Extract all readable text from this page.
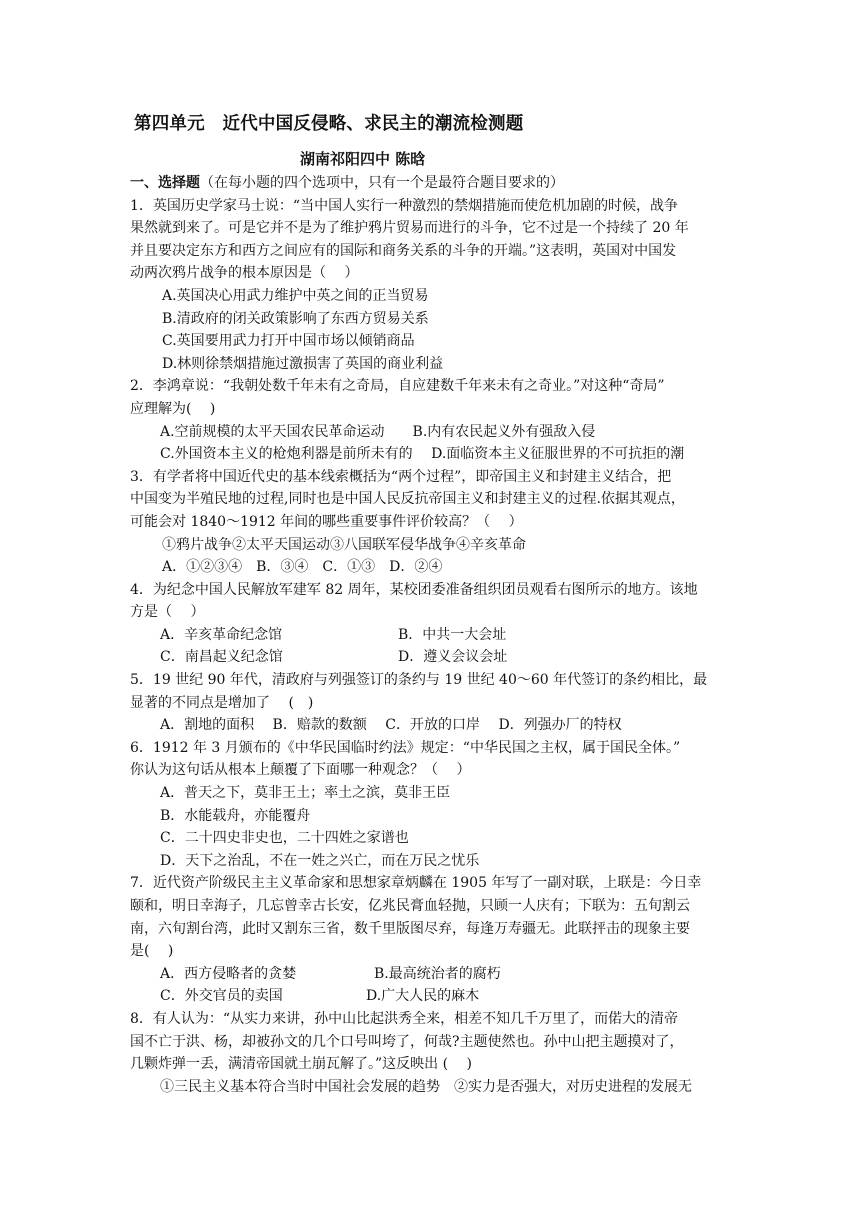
第四单元　近代中国反侵略、求民主的潮流检测题
湖南祁阳四中 陈晗
一、选择题（在每小题的四个选项中，只有一个是最符合题目要求的）
1．英国历史学家马士说：“当中国人实行一种激烈的禁烟措施而使危机加剧的时候，战争
果然就到来了。可是它并不是为了维护鸦片贸易而进行的斗争，它不过是一个持续了 20 年
并且要决定东方和西方之间应有的国际和商务关系的斗争的开端。”这表明，英国对中国发
动两次鸦片战争的根本原因是（　 ）
A.英国决心用武力维护中英之间的正当贸易
B.清政府的闭关政策影响了东西方贸易关系
C.英国要用武力打开中国市场以倾销商品
D.林则徐禁烟措施过激损害了英国的商业利益
2．李鸿章说：“我朝处数千年未有之奇局，自应建数千年来未有之奇业。”对这种“奇局”
应理解为(　 )
A.空前规模的太平天国农民革命运动　　B.内有农民起义外有强敌入侵
C.外国资本主义的枪炮利器是前所未有的　 D.面临资本主义征服世界的不可抗拒的潮
3．有学者将中国近代史的基本线索概括为“两个过程”，即帝国主义和封建主义结合，把
中国变为半殖民地的过程,同时也是中国人民反抗帝国主义和封建主义的过程.依据其观点，
可能会对 1840～1912 年间的哪些重要事件评价较高？（　 ）
①鸦片战争②太平天国运动③八国联军侵华战争④辛亥革命
A．①②③④　B．③④　C．①③　D．②④
4．为纪念中国人民解放军建军 82 周年，某校团委准备组织团员观看右图所示的地方。该地
方是（　 ）
A．辛亥革命纪念馆	B．中共一大会址
C．南昌起义纪念馆	D．遵义会议会址
5．19 世纪 90 年代，清政府与列强签订的条约与 19 世纪 40～60 年代签订的条约相比，最
显著的不同点是增加了　 (　)
A．割地的面积　 B．赔款的数额　 C．开放的口岸　 D．列强办厂的特权
6．1912 年 3 月颁布的《中华民国临时约法》规定：“中华民国之主权，属于国民全体。”
你认为这句话从根本上颠覆了下面哪一种观念？（　 ）
A．普天之下，莫非王土；率土之滨，莫非王臣
B．水能载舟，亦能覆舟
C．二十四史非史也，二十四姓之家谱也
D．天下之治乱，不在一姓之兴亡，而在万民之忧乐
7．近代资产阶级民主主义革命家和思想家章炳麟在 1905 年写了一副对联，上联是：今日幸
颐和，明日幸海子，几忘曾幸古长安，亿兆民膏血轻抛，只顾一人庆有；下联为：五旬割云
南，六旬割台湾，此时又割东三省，数千里版图尽弃，每逢万寿疆无。此联抨击的现象主要
是(　 )
A．西方侵略者的贪婪	B.最高统治者的腐朽
C．外交官员的卖国	D.广大人民的麻木
8．有人认为：“从实力来讲，孙中山比起洪秀全来，相差不知几千万里了，而偌大的清帝
国不亡于洪、杨，却被孙文的几个口号叫垮了，何哉?主题使然也。孙中山把主题摸对了，
几颗炸弹一丢，满清帝国就土崩瓦解了。”这反映出 (　 )
①三民主义基本符合当时中国社会发展的趋势　②实力是否强大，对历史进程的发展无
